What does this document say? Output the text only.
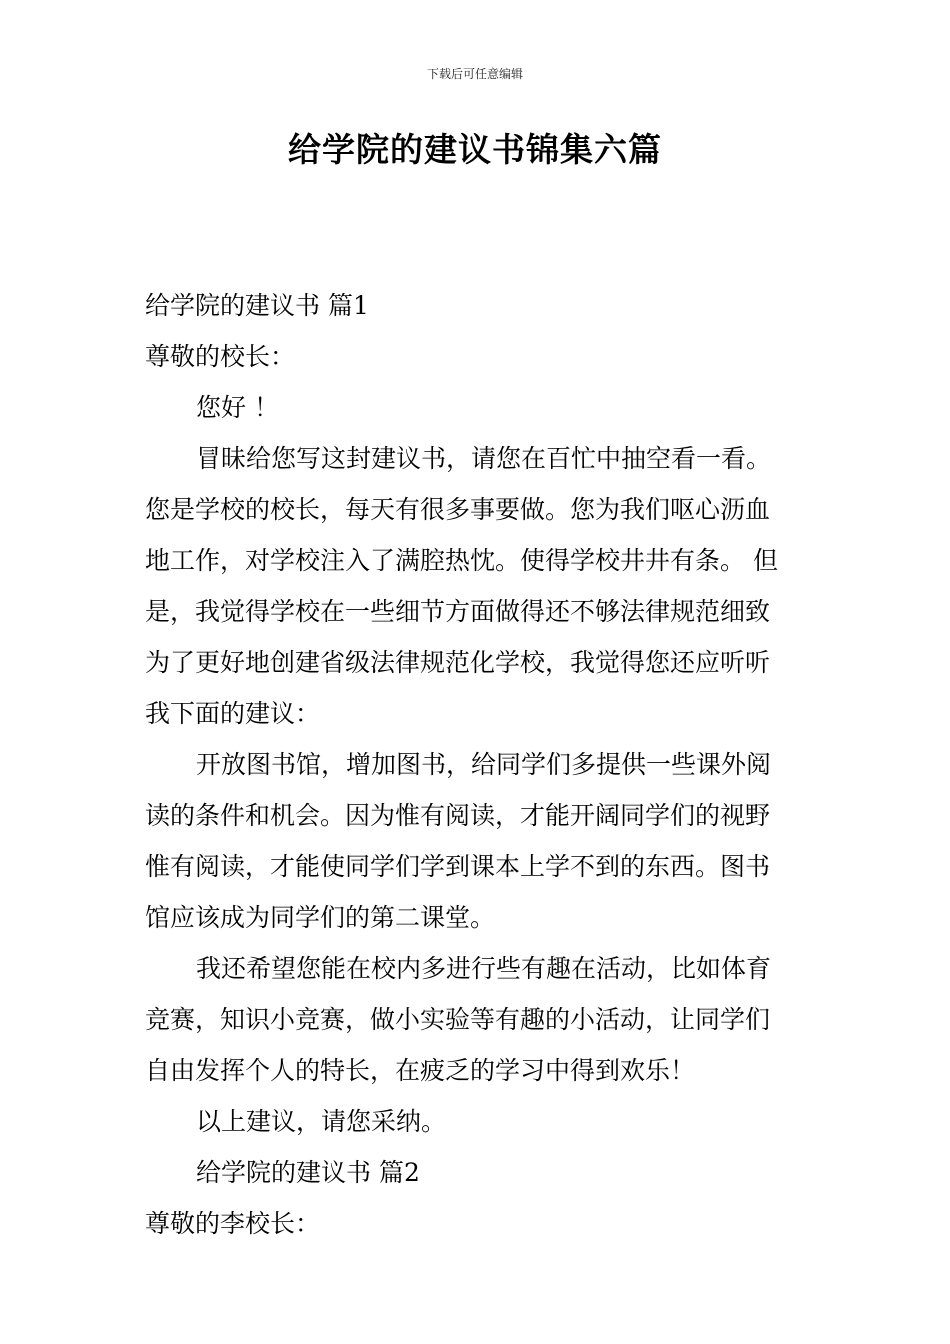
下载后可任意编辑
给学院的建议书锦集六篇
给学院的建议书 篇1
尊敬的校长：
您好 ！
冒昧给您写这封建议书，请您在百忙中抽空看一看。
您是学校的校长，每天有很多事要做。您为我们呕心沥血
地工作，对学校注入了满腔热忱。使得学校井井有条。 但
是，我觉得学校在一些细节方面做得还不够法律规范细致
为了更好地创建省级法律规范化学校，我觉得您还应听听
我下面的建议：
开放图书馆，增加图书，给同学们多提供一些课外阅
读的条件和机会。因为惟有阅读，才能开阔同学们的视野
惟有阅读，才能使同学们学到课本上学不到的东西。图书
馆应该成为同学们的第二课堂。
我还希望您能在校内多进行些有趣在活动，比如体育
竞赛，知识小竞赛，做小实验等有趣的小活动，让同学们
自由发挥个人的特长，在疲乏的学习中得到欢乐！
以上建议，请您采纳。
给学院的建议书 篇2
尊敬的李校长：
